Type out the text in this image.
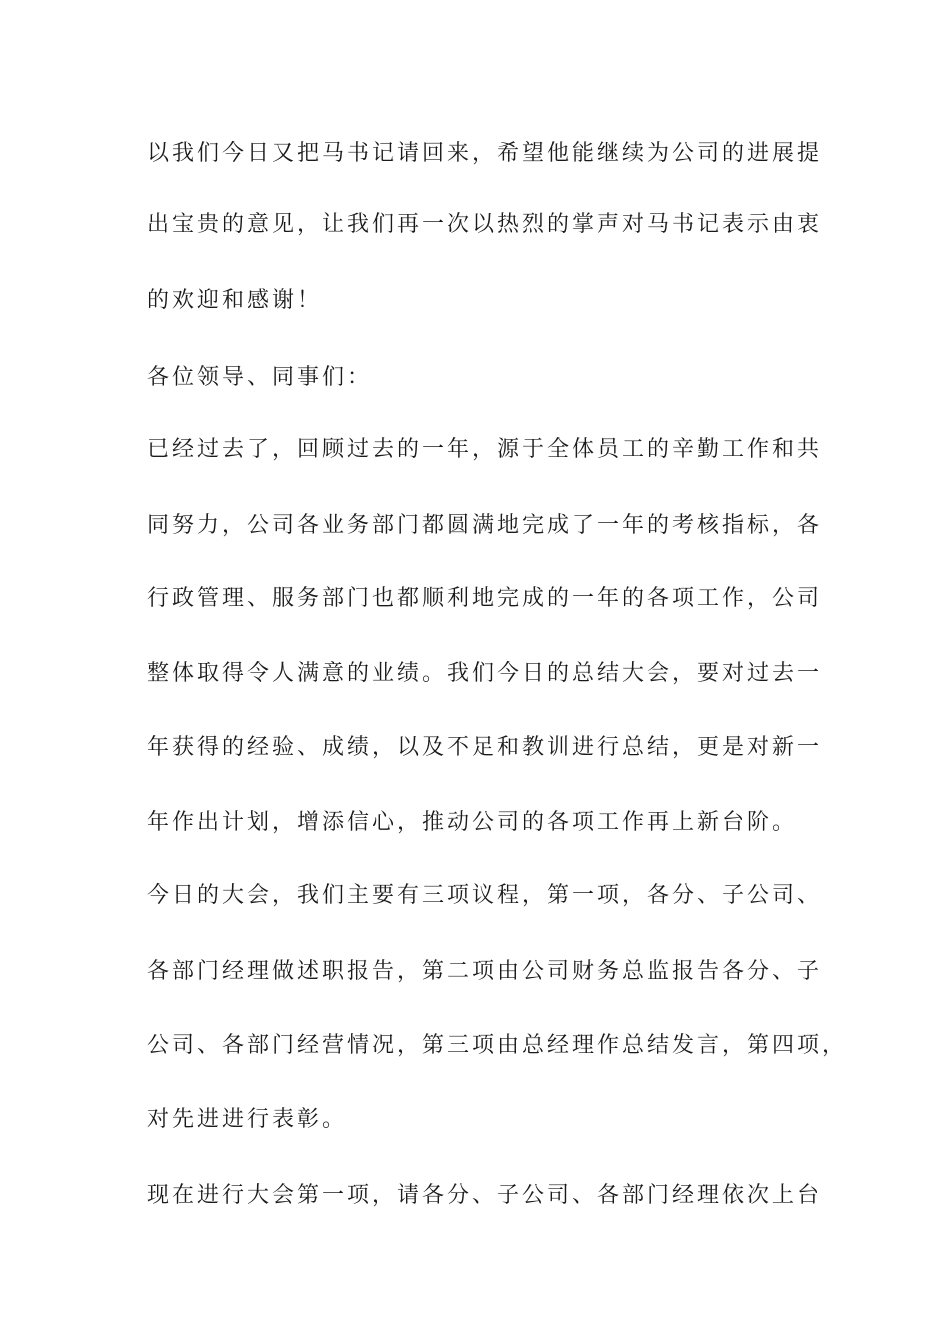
以我们今日又把马书记请回来，希望他能继续为公司的进展提
出宝贵的意见，让我们再一次以热烈的掌声对马书记表示由衷
的欢迎和感谢！
各位领导、同事们：
已经过去了，回顾过去的一年，源于全体员工的辛勤工作和共
同努力，公司各业务部门都圆满地完成了一年的考核指标，各
行政管理、服务部门也都顺利地完成的一年的各项工作，公司
整体取得令人满意的业绩。我们今日的总结大会，要对过去一
年获得的经验、成绩，以及不足和教训进行总结，更是对新一
年作出计划，增添信心，推动公司的各项工作再上新台阶。
今日的大会，我们主要有三项议程，第一项，各分、子公司、
各部门经理做述职报告，第二项由公司财务总监报告各分、子
公司、各部门经营情况，第三项由总经理作总结发言，第四项，
对先进进行表彰。
现在进行大会第一项，请各分、子公司、各部门经理依次上台
